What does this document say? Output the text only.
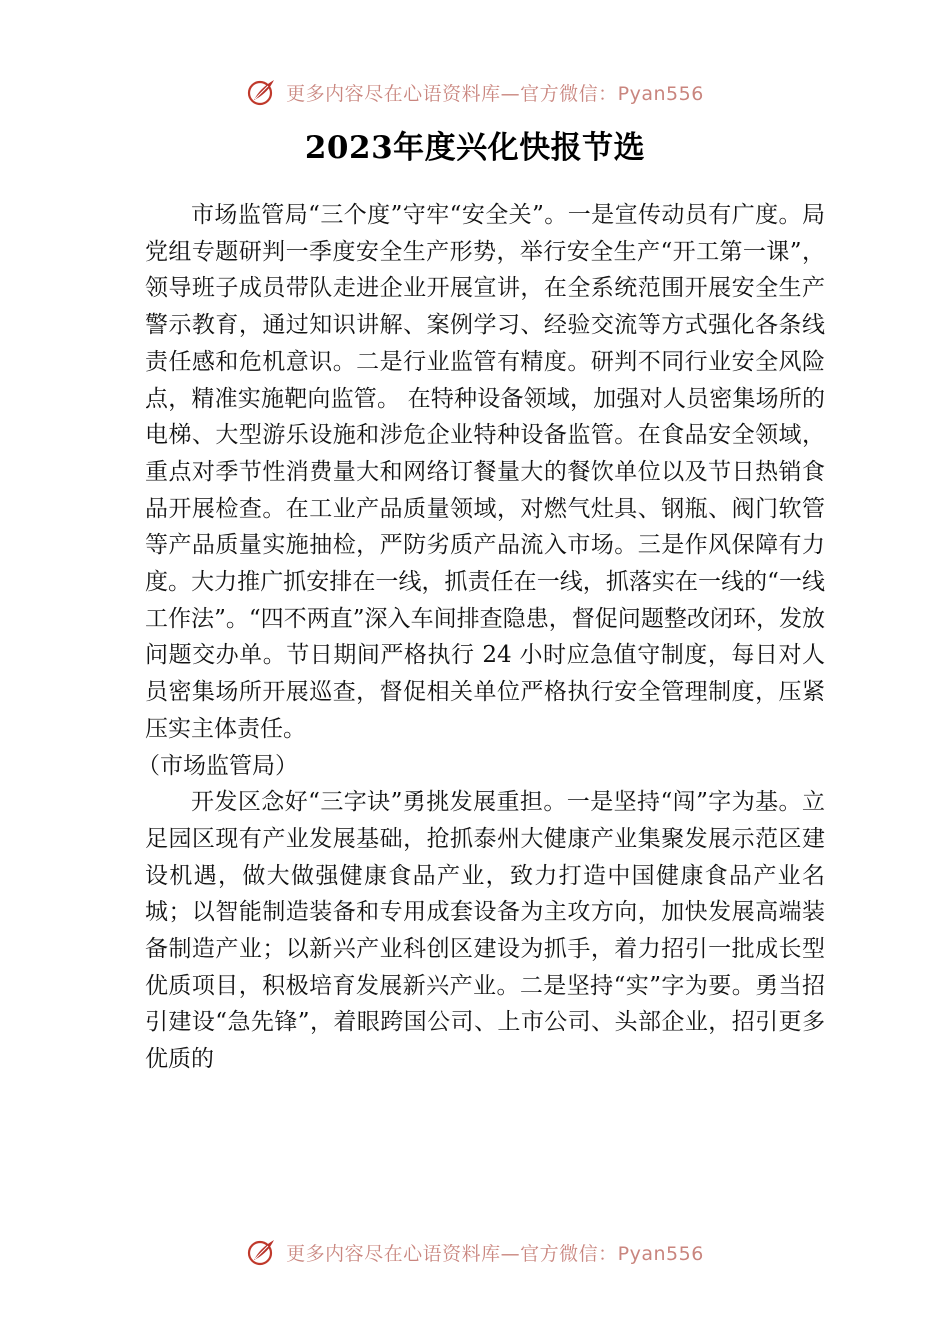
更多内容尽在心语资料库—官方微信：Pyan556
2023年度兴化快报节选

市场监管局“三个度”守牢“安全关”。一是宣传动员有广度。局党组专题研判一季度安全生产形势，举行安全生产“开工第一课”，领导班子成员带队走进企业开展宣讲，在全系统范围开展安全生产警示教育，通过知识讲解、案例学习、经验交流等方式强化各条线责任感和危机意识。二是行业监管有精度。研判不同行业安全风险点，精准实施靶向监管。 在特种设备领域，加强对人员密集场所的电梯、大型游乐设施和涉危企业特种设备监管。在食品安全领域，重点对季节性消费量大和网络订餐量大的餐饮单位以及节日热销食品开展检查。在工业产品质量领域，对燃气灶具、钢瓶、阀门软管等产品质量实施抽检，严防劣质产品流入市场。三是作风保障有力度。大力推广抓安排在一线，抓责任在一线，抓落实在一线的“一线工作法”。“四不两直”深入车间排查隐患，督促问题整改闭环，发放问题交办单。节日期间严格执行 24 小时应急值守制度，每日对人员密集场所开展巡查，督促相关单位严格执行安全管理制度，压紧压实主体责任。

（市场监管局）

开发区念好“三字诀”勇挑发展重担。一是坚持“闯”字为基。立足园区现有产业发展基础，抢抓泰州大健康产业集聚发展示范区建设机遇，做大做强健康食品产业，致力打造中国健康食品产业名城；以智能制造装备和专用成套设备为主攻方向，加快发展高端装备制造产业；以新兴产业科创区建设为抓手，着力招引一批成长型优质项目，积极培育发展新兴产业。二是坚持“实”字为要。勇当招引建设“急先锋”，着眼跨国公司、上市公司、头部企业，招引更多优质的

更多内容尽在心语资料库—官方微信：Pyan556
